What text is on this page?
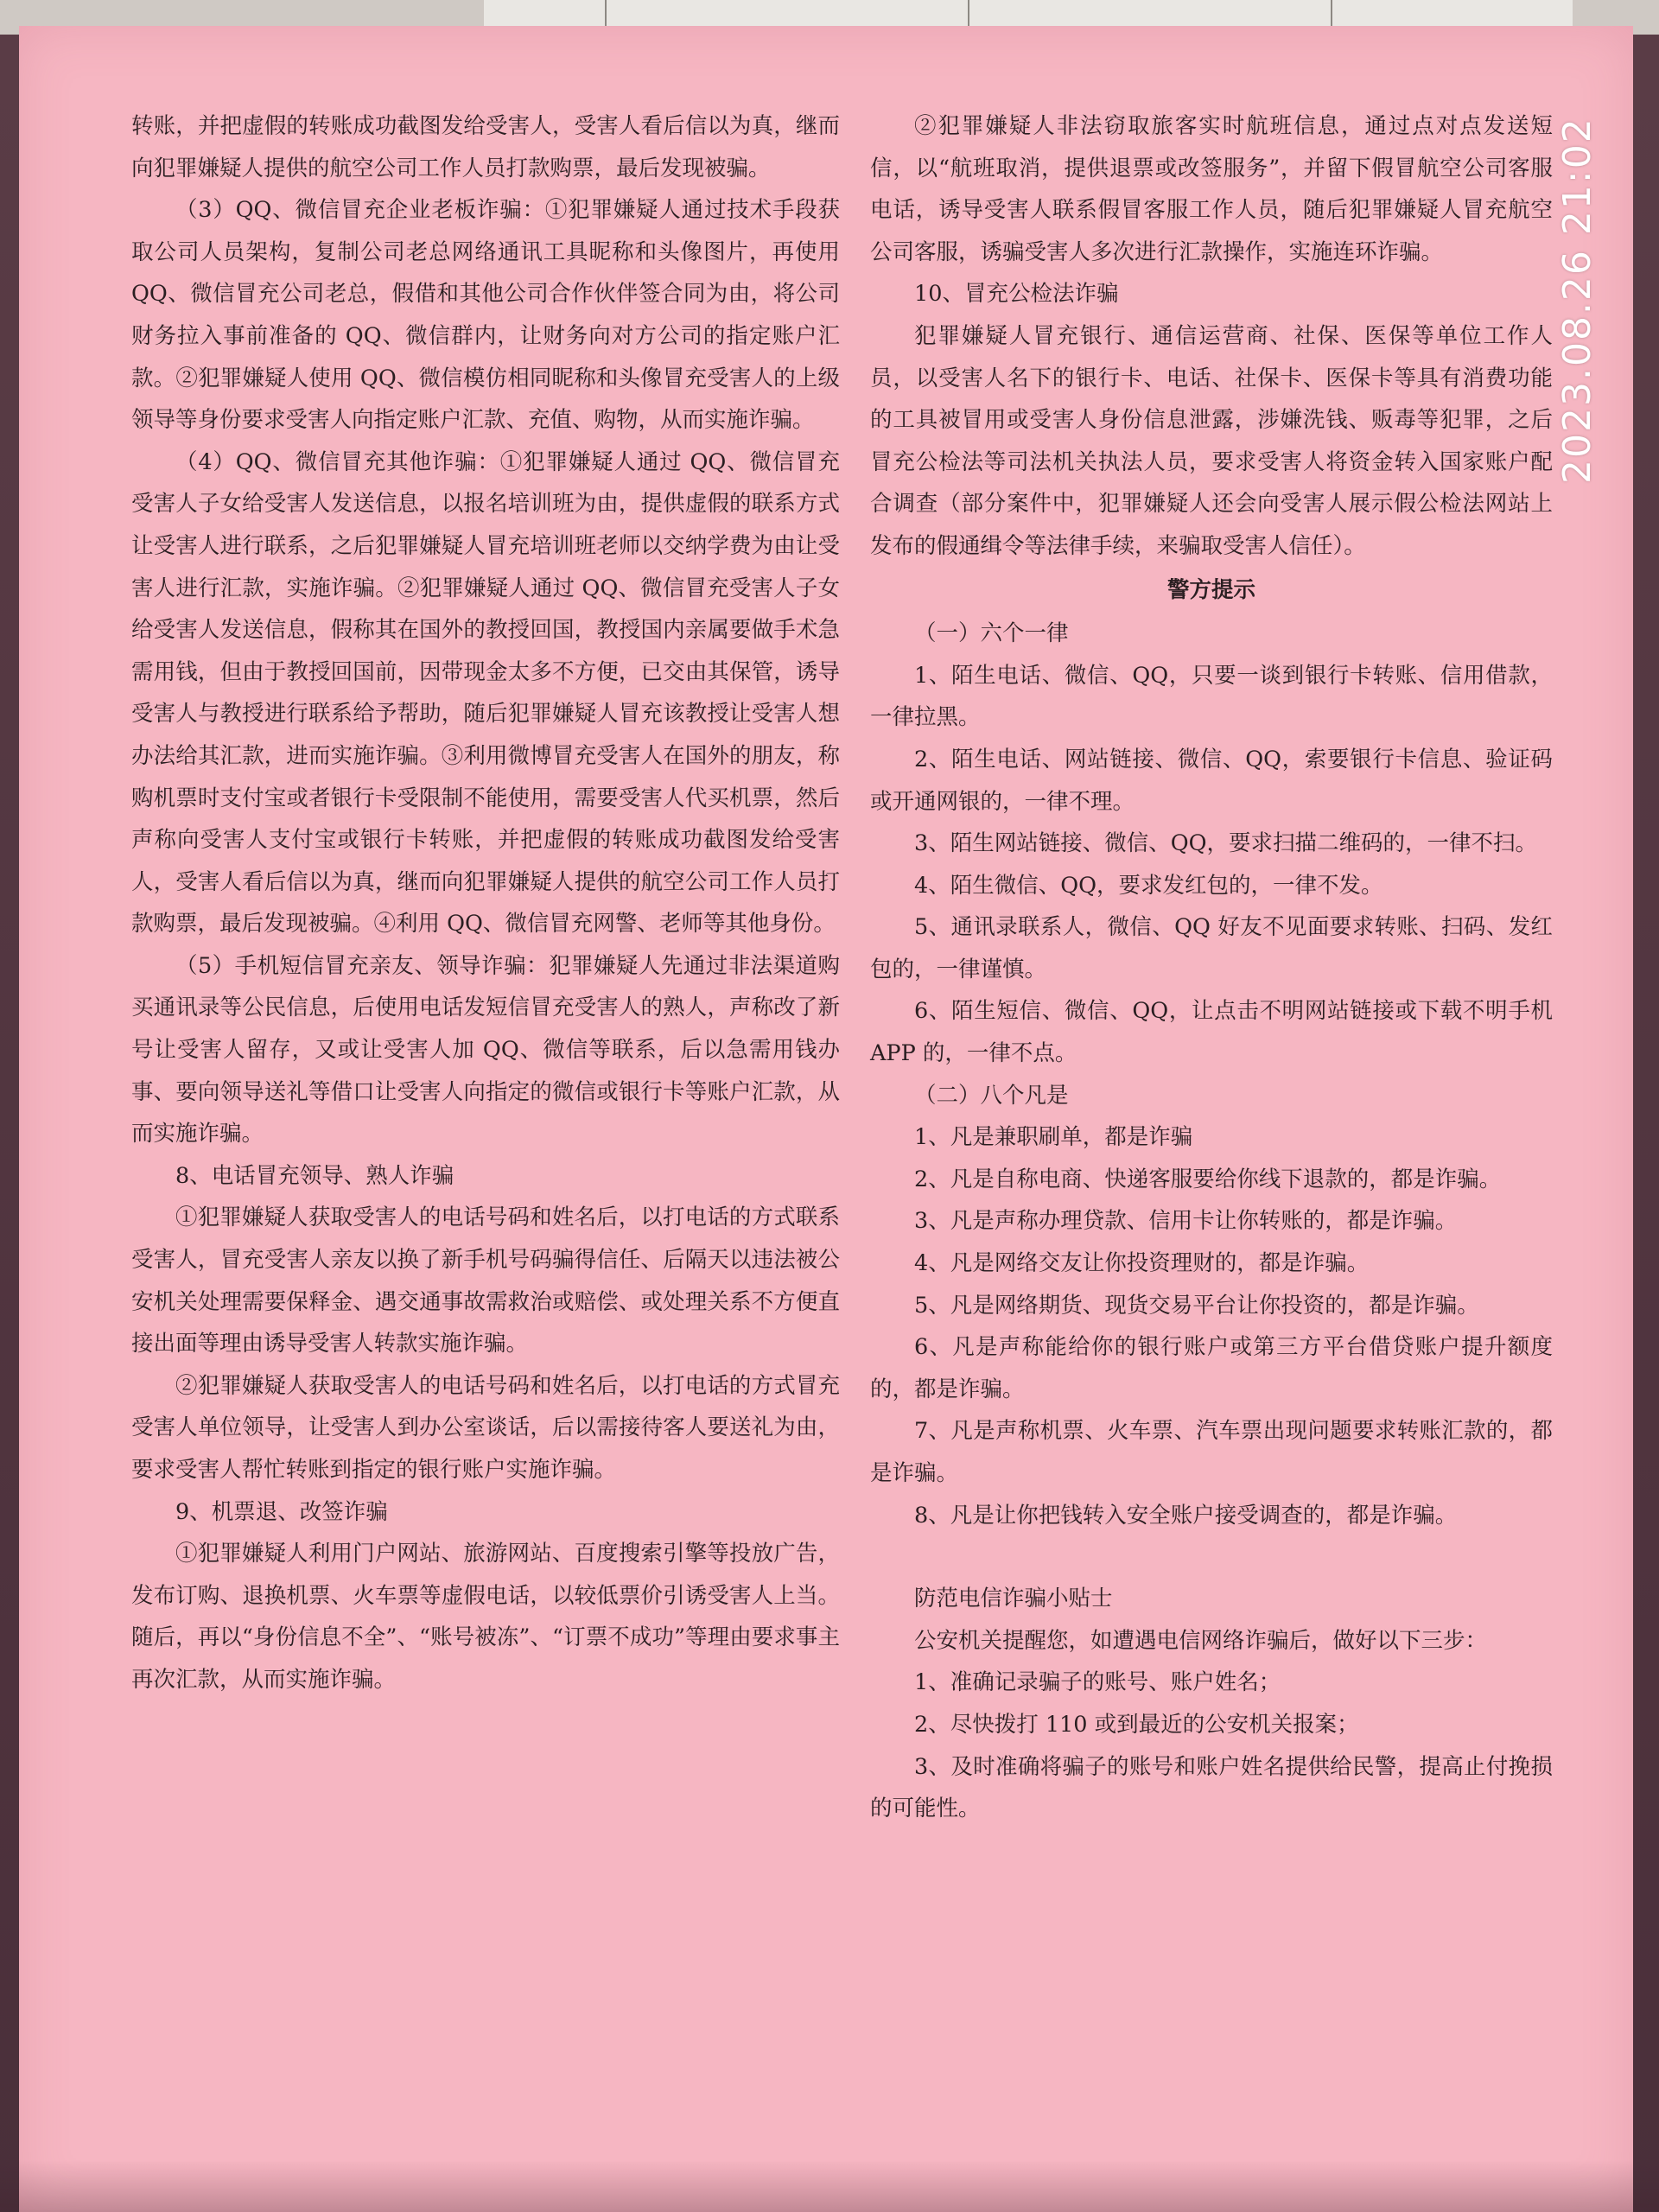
转账，并把虚假的转账成功截图发给受害人，受害人看后信以为真，继而向犯罪嫌疑人提供的航空公司工作人员打款购票，最后发现被骗。

（3）QQ、微信冒充企业老板诈骗：①犯罪嫌疑人通过技术手段获取公司人员架构，复制公司老总网络通讯工具昵称和头像图片，再使用 QQ、微信冒充公司老总，假借和其他公司合作伙伴签合同为由，将公司财务拉入事前准备的 QQ、微信群内，让财务向对方公司的指定账户汇款。②犯罪嫌疑人使用 QQ、微信模仿相同昵称和头像冒充受害人的上级领导等身份要求受害人向指定账户汇款、充值、购物，从而实施诈骗。

（4）QQ、微信冒充其他诈骗：①犯罪嫌疑人通过 QQ、微信冒充受害人子女给受害人发送信息，以报名培训班为由，提供虚假的联系方式让受害人进行联系，之后犯罪嫌疑人冒充培训班老师以交纳学费为由让受害人进行汇款，实施诈骗。②犯罪嫌疑人通过 QQ、微信冒充受害人子女给受害人发送信息，假称其在国外的教授回国，教授国内亲属要做手术急需用钱，但由于教授回国前，因带现金太多不方便，已交由其保管，诱导受害人与教授进行联系给予帮助，随后犯罪嫌疑人冒充该教授让受害人想办法给其汇款，进而实施诈骗。③利用微博冒充受害人在国外的朋友，称购机票时支付宝或者银行卡受限制不能使用，需要受害人代买机票，然后声称向受害人支付宝或银行卡转账，并把虚假的转账成功截图发给受害人，受害人看后信以为真，继而向犯罪嫌疑人提供的航空公司工作人员打款购票，最后发现被骗。④利用 QQ、微信冒充网警、老师等其他身份。

（5）手机短信冒充亲友、领导诈骗：犯罪嫌疑人先通过非法渠道购买通讯录等公民信息，后使用电话发短信冒充受害人的熟人，声称改了新号让受害人留存，又或让受害人加 QQ、微信等联系，后以急需用钱办事、要向领导送礼等借口让受害人向指定的微信或银行卡等账户汇款，从而实施诈骗。

8、电话冒充领导、熟人诈骗

①犯罪嫌疑人获取受害人的电话号码和姓名后，以打电话的方式联系受害人，冒充受害人亲友以换了新手机号码骗得信任、后隔天以违法被公安机关处理需要保释金、遇交通事故需救治或赔偿、或处理关系不方便直接出面等理由诱导受害人转款实施诈骗。

②犯罪嫌疑人获取受害人的电话号码和姓名后，以打电话的方式冒充受害人单位领导，让受害人到办公室谈话，后以需接待客人要送礼为由，要求受害人帮忙转账到指定的银行账户实施诈骗。

9、机票退、改签诈骗

①犯罪嫌疑人利用门户网站、旅游网站、百度搜索引擎等投放广告，发布订购、退换机票、火车票等虚假电话，以较低票价引诱受害人上当。随后，再以“身份信息不全”、“账号被冻”、“订票不成功”等理由要求事主再次汇款，从而实施诈骗。

②犯罪嫌疑人非法窃取旅客实时航班信息，通过点对点发送短信，以“航班取消，提供退票或改签服务”，并留下假冒航空公司客服电话，诱导受害人联系假冒客服工作人员，随后犯罪嫌疑人冒充航空公司客服，诱骗受害人多次进行汇款操作，实施连环诈骗。

10、冒充公检法诈骗

犯罪嫌疑人冒充银行、通信运营商、社保、医保等单位工作人员，以受害人名下的银行卡、电话、社保卡、医保卡等具有消费功能的工具被冒用或受害人身份信息泄露，涉嫌洗钱、贩毒等犯罪，之后冒充公检法等司法机关执法人员，要求受害人将资金转入国家账户配合调查（部分案件中，犯罪嫌疑人还会向受害人展示假公检法网站上发布的假通缉令等法律手续，来骗取受害人信任）。

警方提示

（一）六个一律

1、陌生电话、微信、QQ，只要一谈到银行卡转账、信用借款，一律拉黑。

2、陌生电话、网站链接、微信、QQ，索要银行卡信息、验证码或开通网银的，一律不理。

3、陌生网站链接、微信、QQ，要求扫描二维码的，一律不扫。

4、陌生微信、QQ，要求发红包的，一律不发。

5、通讯录联系人，微信、QQ 好友不见面要求转账、扫码、发红包的，一律谨慎。

6、陌生短信、微信、QQ，让点击不明网站链接或下载不明手机 APP 的，一律不点。

（二）八个凡是

1、凡是兼职刷单，都是诈骗

2、凡是自称电商、快递客服要给你线下退款的，都是诈骗。

3、凡是声称办理贷款、信用卡让你转账的，都是诈骗。

4、凡是网络交友让你投资理财的，都是诈骗。

5、凡是网络期货、现货交易平台让你投资的，都是诈骗。

6、凡是声称能给你的银行账户或第三方平台借贷账户提升额度的，都是诈骗。

7、凡是声称机票、火车票、汽车票出现问题要求转账汇款的，都是诈骗。

8、凡是让你把钱转入安全账户接受调查的，都是诈骗。

防范电信诈骗小贴士

公安机关提醒您，如遭遇电信网络诈骗后，做好以下三步：

1、准确记录骗子的账号、账户姓名；

2、尽快拨打 110 或到最近的公安机关报案；

3、及时准确将骗子的账号和账户姓名提供给民警，提高止付挽损的可能性。

2023.08.26 21:02
